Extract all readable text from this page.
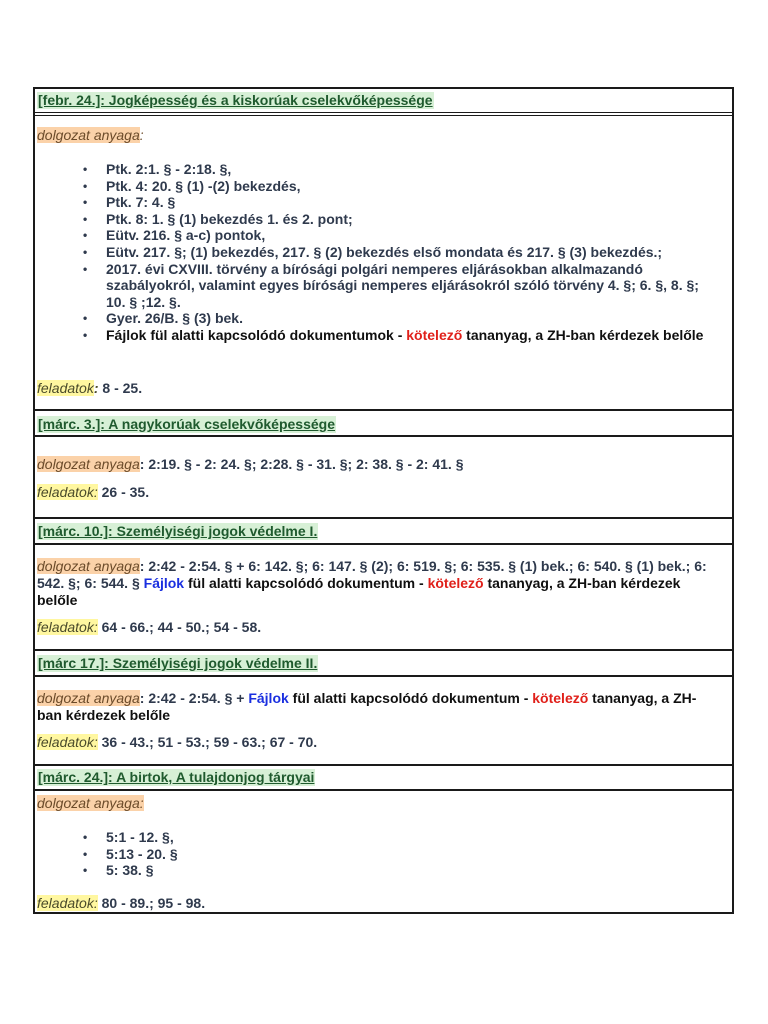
[febr. 24.]: Jogképesség és a kiskorúak cselekvőképessége
dolgozat anyaga:
• Ptk. 2:1. § - 2:18. §,
• Ptk. 4: 20. § (1) -(2) bekezdés,
• Ptk. 7: 4. §
• Ptk. 8: 1. § (1) bekezdés 1. és 2. pont;
• Eütv. 216. § a-c) pontok,
• Eütv. 217. §; (1) bekezdés, 217. § (2) bekezdés első mondata és 217. § (3) bekezdés.;
• 2017. évi CXVIII. törvény a bírósági polgári nemperes eljárásokban alkalmazandó szabályokról, valamint egyes bírósági nemperes eljárásokról szóló törvény 4. §; 6. §, 8. §; 10. § ;12. §.
• Gyer. 26/B. § (3) bek.
• Fájlok fül alatti kapcsolódó dokumentumok - kötelező tananyag, a ZH-ban kérdezek belőle
feladatok: 8 - 25.
[márc. 3.]: A nagykorúak cselekvőképessége
dolgozat anyaga: 2:19. § - 2: 24. §; 2:28. § - 31. §; 2: 38. § - 2: 41. §
feladatok: 26 - 35.
[márc. 10.]: Személyiségi jogok védelme I.
dolgozat anyaga: 2:42 - 2:54. § + 6: 142. §; 6: 147. § (2); 6: 519. §; 6: 535. § (1) bek.; 6: 540. § (1) bek.; 6: 542. §; 6: 544. § Fájlok fül alatti kapcsolódó dokumentum - kötelező tananyag, a ZH-ban kérdezek belőle
feladatok: 64 - 66.; 44 - 50.; 54 - 58.
[márc 17.]: Személyiségi jogok védelme II.
dolgozat anyaga: 2:42 - 2:54. § + Fájlok fül alatti kapcsolódó dokumentum - kötelező tananyag, a ZH-ban kérdezek belőle
feladatok: 36 - 43.; 51 - 53.; 59 - 63.; 67 - 70.
[márc. 24.]: A birtok, A tulajdonjog tárgyai
dolgozat anyaga:
• 5:1 - 12. §,
• 5:13 - 20. §
• 5: 38. §
feladatok: 80 - 89.; 95 - 98.
